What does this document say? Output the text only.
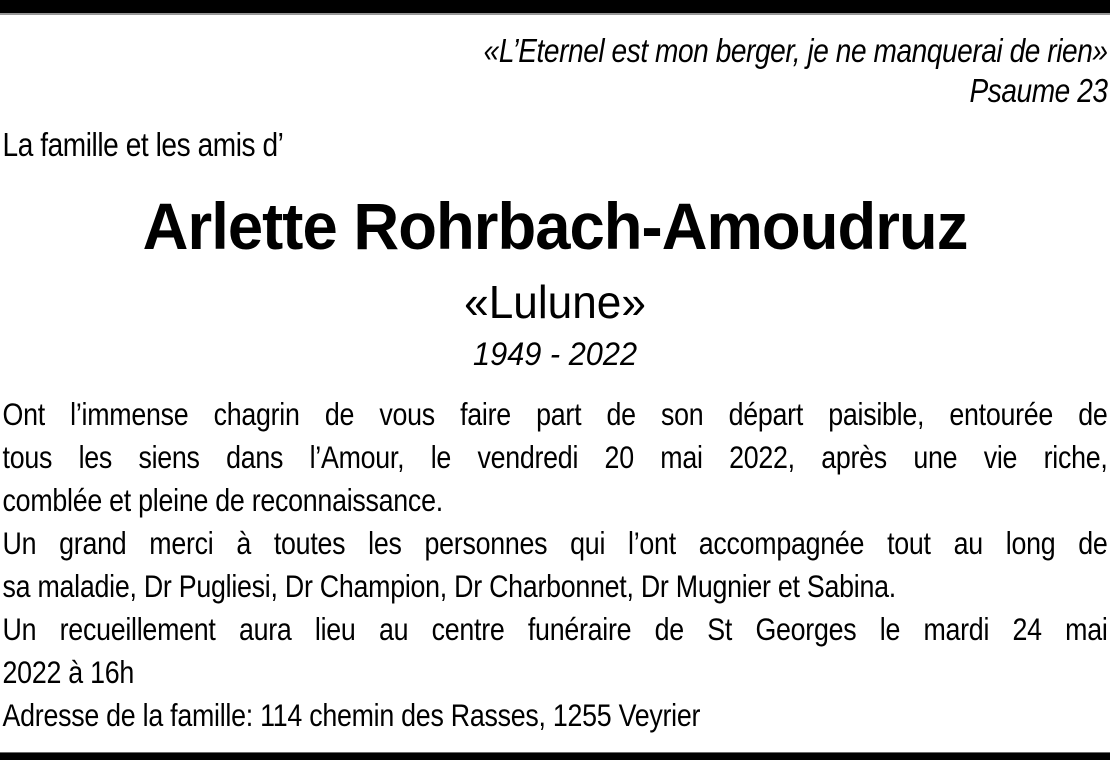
«L’Eternel est mon berger, je ne manquerai de rien»
Psaume 23
La famille et les amis d’
Arlette Rohrbach-Amoudruz
«Lulune»
1949 - 2022
Ont l’immense chagrin de vous faire part de son départ paisible, entourée de
tous les siens dans l’Amour, le vendredi 20 mai 2022, après une vie riche,
comblée et pleine de reconnaissance.
Un grand merci à toutes les personnes qui l’ont accompagnée tout au long de
sa maladie, Dr Pugliesi, Dr Champion, Dr Charbonnet, Dr Mugnier et Sabina.
Un recueillement aura lieu au centre funéraire de St Georges le mardi 24 mai
2022 à 16h
Adresse de la famille: 114 chemin des Rasses, 1255 Veyrier
